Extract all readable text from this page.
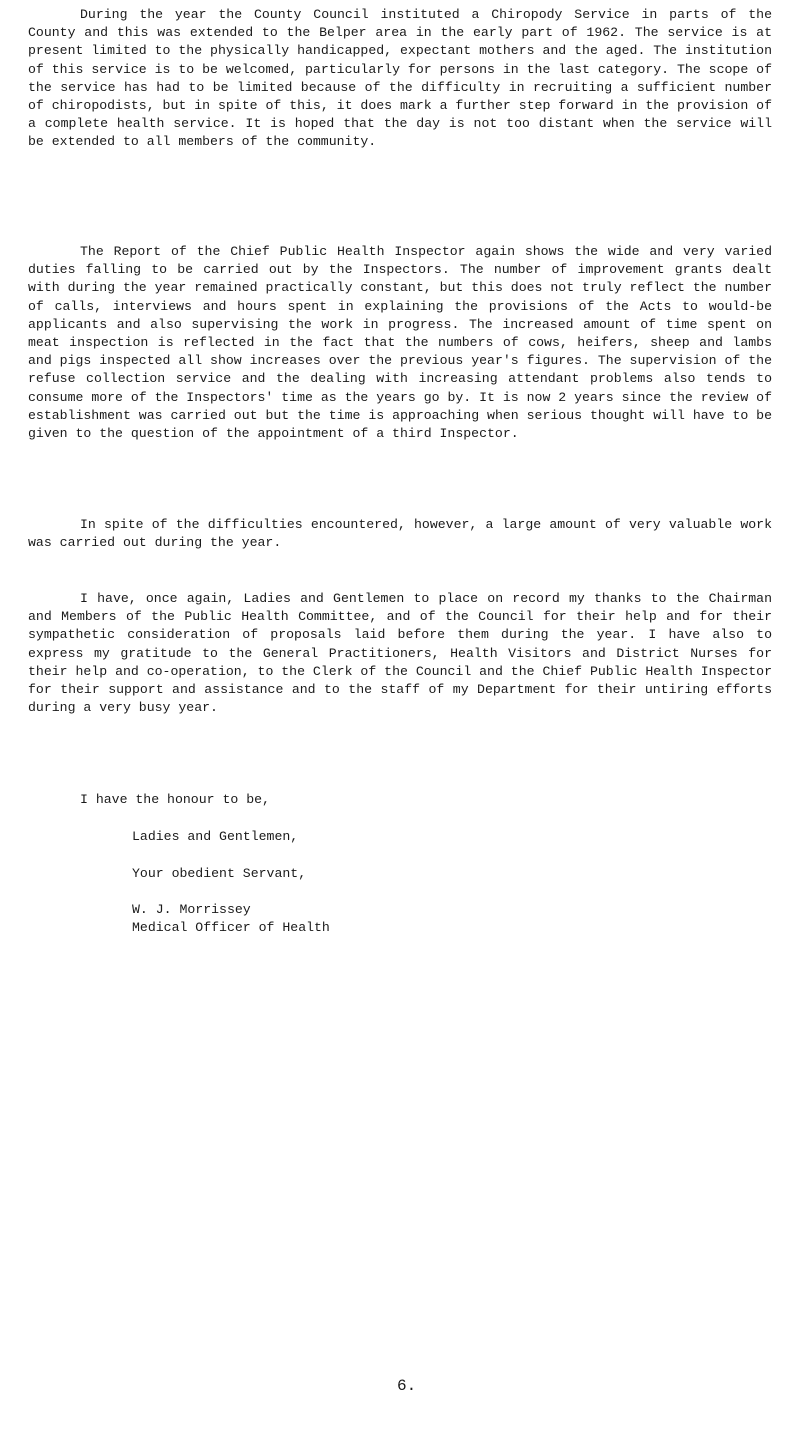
During the year the County Council instituted a Chiropody Service in parts of the County and this was extended to the Belper area in the early part of 1962. The service is at present limited to the physically handicapped, expectant mothers and the aged. The institution of this service is to be welcomed, particularly for persons in the last category. The scope of the service has had to be limited because of the difficulty in recruiting a sufficient number of chiropodists, but in spite of this, it does mark a further step forward in the provision of a complete health service. It is hoped that the day is not too distant when the service will be extended to all members of the community.

The Report of the Chief Public Health Inspector again shows the wide and very varied duties falling to be carried out by the Inspectors. The number of improvement grants dealt with during the year remained practically constant, but this does not truly reflect the number of calls, interviews and hours spent in explaining the provisions of the Acts to would-be applicants and also supervising the work in progress. The increased amount of time spent on meat inspection is reflected in the fact that the numbers of cows, heifers, sheep and lambs and pigs inspected all show increases over the previous year's figures. The supervision of the refuse collection service and the dealing with increasing attendant problems also tends to consume more of the Inspectors' time as the years go by. It is now 2 years since the review of establishment was carried out but the time is approaching when serious thought will have to be given to the question of the appointment of a third Inspector.

In spite of the difficulties encountered, however, a large amount of very valuable work was carried out during the year.

I have, once again, Ladies and Gentlemen to place on record my thanks to the Chairman and Members of the Public Health Committee, and of the Council for their help and for their sympathetic consideration of proposals laid before them during the year. I have also to express my gratitude to the General Practitioners, Health Visitors and District Nurses for their help and co-operation, to the Clerk of the Council and the Chief Public Health Inspector for their support and assistance and to the staff of my Department for their untiring efforts during a very busy year.

I have the honour to be,

Ladies and Gentlemen,

Your obedient Servant,

W. J. Morrissey

Medical Officer of Health

6.
